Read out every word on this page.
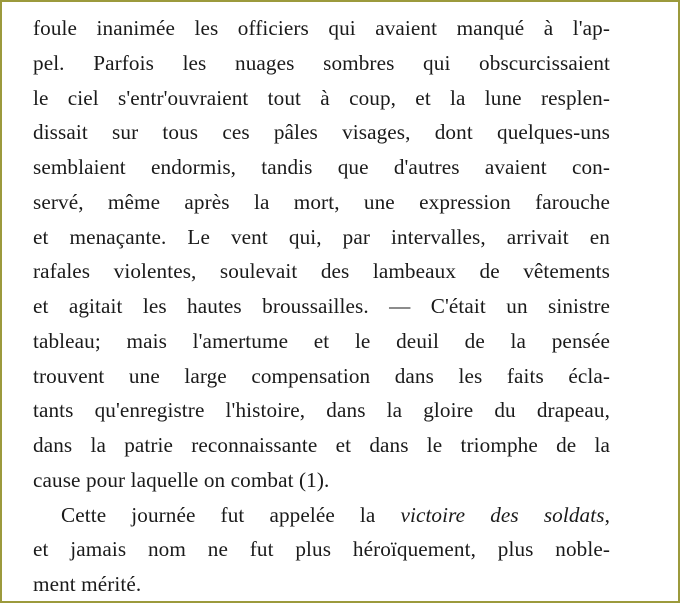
foule inanimée les officiers qui avaient manqué à l'ap-
pel. Parfois les nuages sombres qui obscurcissaient
le ciel s'entr'ouvraient tout à coup, et la lune resplen-
dissait sur tous ces pâles visages, dont quelques-uns
semblaient endormis, tandis que d'autres avaient con-
servé, même après la mort, une expression farouche
et menaçante. Le vent qui, par intervalles, arrivait en
rafales violentes, soulevait des lambeaux de vêtements
et agitait les hautes broussailles. — C'était un sinistre
tableau; mais l'amertume et le deuil de la pensée
trouvent une large compensation dans les faits écla-
tants qu'enregistre l'histoire, dans la gloire du drapeau,
dans la patrie reconnaissante et dans le triomphe de la
cause pour laquelle on combat (1).
Cette journée fut appelée la victoire des soldats,
et jamais nom ne fut plus héroïquement, plus noble-
ment mérité.
